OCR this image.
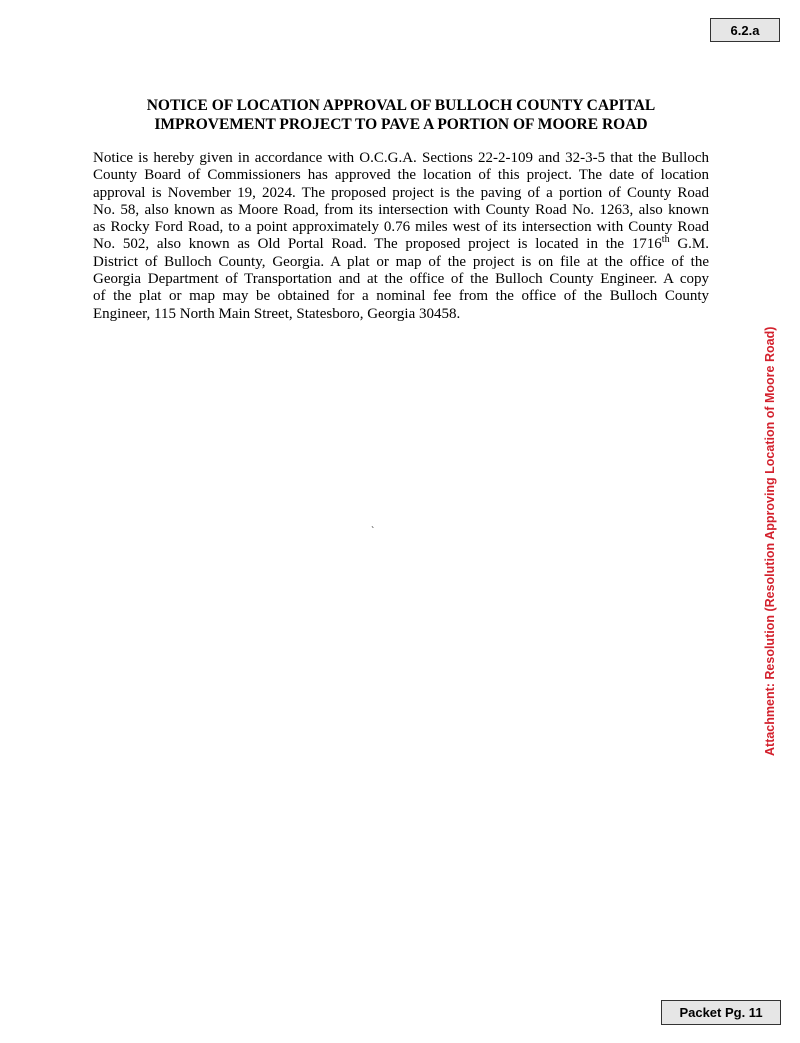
6.2.a
NOTICE OF LOCATION APPROVAL OF BULLOCH COUNTY CAPITAL
IMPROVEMENT PROJECT TO PAVE A PORTION OF MOORE ROAD
Notice is hereby given in accordance with O.C.G.A. Sections 22-2-109 and 32-3-5 that the Bulloch
County Board of Commissioners has approved the location of this project. The date of location
approval is November 19, 2024. The proposed project is the paving of a portion of County Road
No. 58, also known as Moore Road, from its intersection with County Road No. 1263, also known
as Rocky Ford Road, to a point approximately 0.76 miles west of its intersection with County Road
No. 502, also known as Old Portal Road. The proposed project is located in the 1716th G.M.
District of Bulloch County, Georgia. A plat or map of the project is on file at the office of the
Georgia Department of Transportation and at the office of the Bulloch County Engineer. A copy
of the plat or map may be obtained for a nominal fee from the office of the Bulloch County
Engineer, 115 North Main Street, Statesboro, Georgia 30458.
`	Attachment: Resolution (Resolution Approving Location of Moore Road)
Packet Pg. 11
